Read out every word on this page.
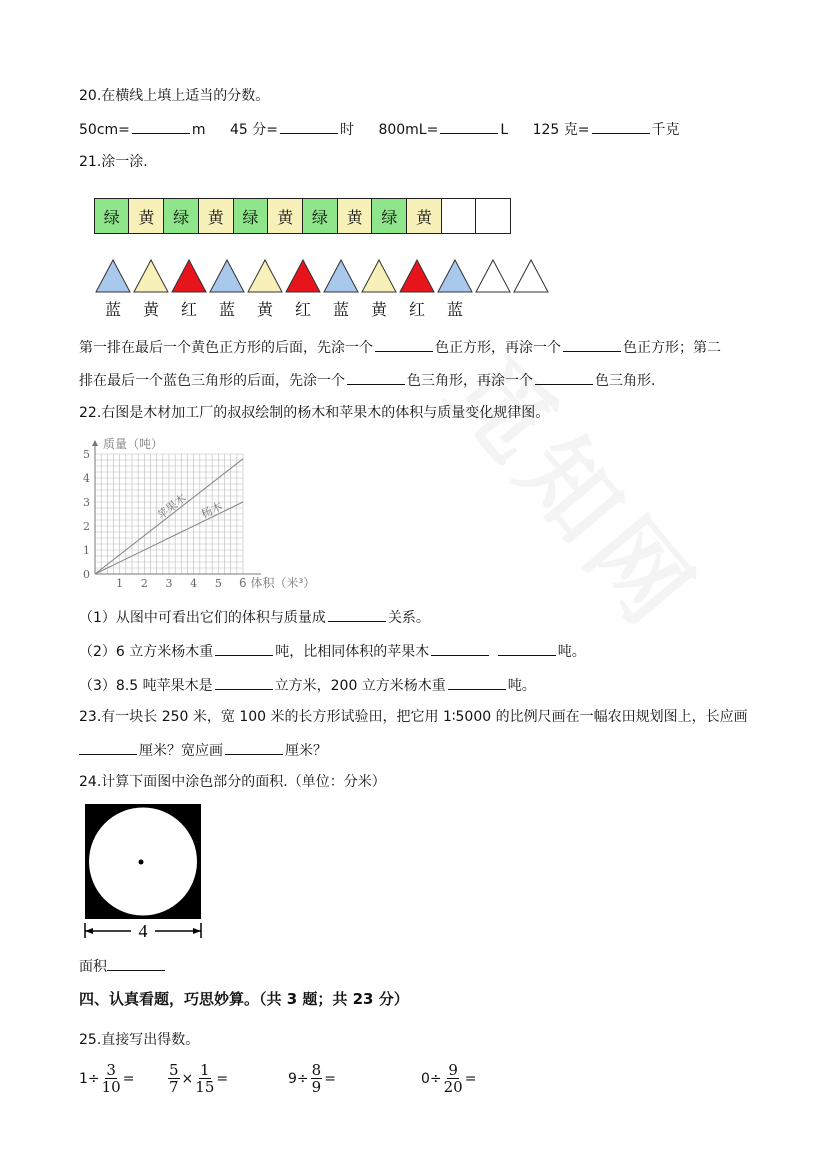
20.在横线上填上适当的分数。
50cm=	m 45 分=	时 800mL=	L 125 克=	千克
21.涂一涂.
绿	黄	绿	黄	绿	黄	绿	黄	绿	黄
蓝 黄 红 蓝 黄 红 蓝 黄 红 蓝
第一排在最后一个黄色正方形的后面，先涂一个	色正方形，再涂一个	色正方形；第二
排在最后一个蓝色三角形的后面，先涂一个	色三角形，再涂一个	色三角形.
22.右图是木材加工厂的叔叔绘制的杨木和苹果木的体积与质量变化规律图。
苹果木 杨木
1 2 3 4 5
1
2
3
4
5
0
质量（吨）
6 体积（米³）
（1）从图中可看出它们的体积与质量成	关系。
（2）6 立方米杨木重	吨，比相同体积的苹果木	吨。
（3）8.5 吨苹果木是	立方米，200 立方米杨木重	吨。
23.有一块长 250 米，宽 100 米的长方形试验田，把它用 1∶5000 的比例尺画在一幅农田规划图上，长应画
厘米？宽应画	厘米？
24.计算下面图中涂色部分的面积.（单位：分米）
4
面积
四、认真看题，巧思妙算。（共 3 题；共 23 分）
25.直接写出得数。
$1\div \frac{3}{10} = \frac{5}{7} \times \frac{1}{15}$ =	$9\div \frac{8}{9}$ =	$0\div \frac{9}{20}$ =
